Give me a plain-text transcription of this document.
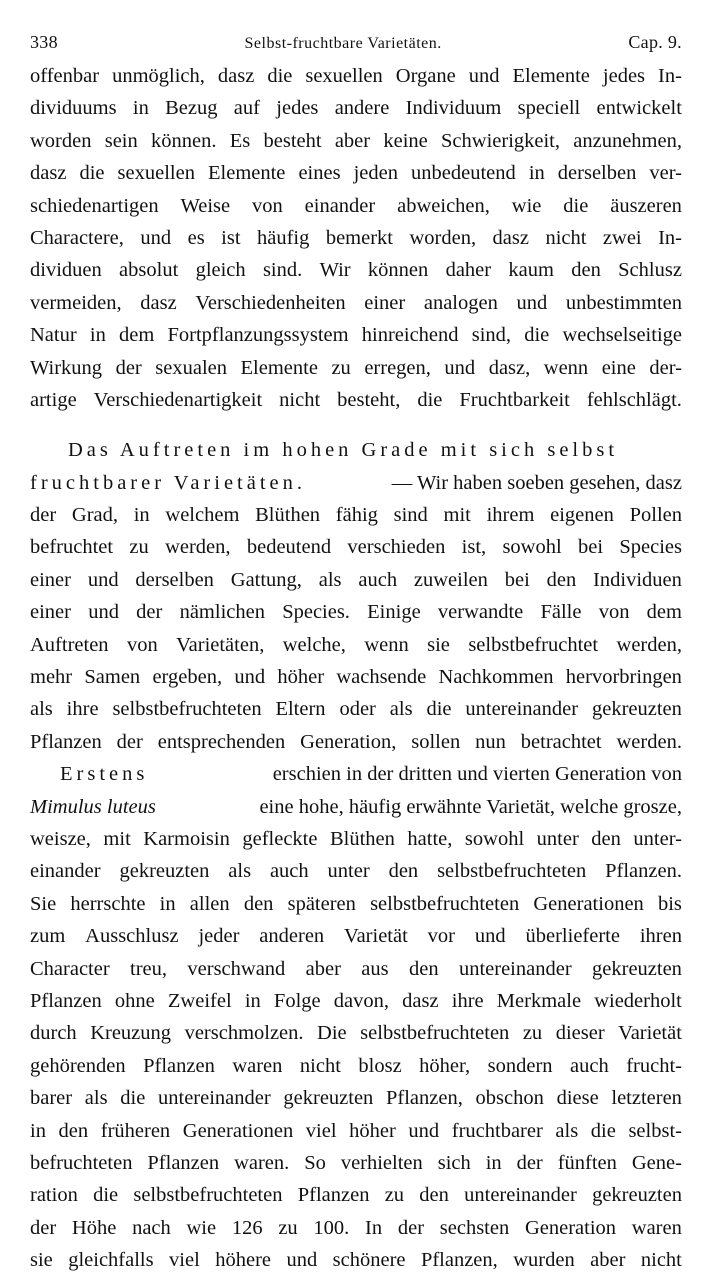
338	Selbst-fruchtbare Varietäten.	Cap. 9.
offenbar unmöglich, dasz die sexuellen Organe und Elemente jedes In-
dividuums in Bezug auf jedes andere Individuum speciell entwickelt
worden sein können. Es besteht aber keine Schwierigkeit, anzunehmen,
dasz die sexuellen Elemente eines jeden unbedeutend in derselben ver-
schiedenartigen Weise von einander abweichen, wie die äuszeren
Charactere, und es ist häufig bemerkt worden, dasz nicht zwei In-
dividuen absolut gleich sind. Wir können daher kaum den Schlusz
vermeiden, dasz Verschiedenheiten einer analogen und unbestimmten
Natur in dem Fortpflanzungssystem hinreichend sind, die wechselseitige
Wirkung der sexualen Elemente zu erregen, und dasz, wenn eine der-
artige Verschiedenartigkeit nicht besteht, die Fruchtbarkeit fehlschlägt.
Das Auftreten im hohen Grade mit sich selbst
fruchtbarer Varietäten.	— Wir haben soeben gesehen, dasz
der Grad, in welchem Blüthen fähig sind mit ihrem eigenen Pollen
befruchtet zu werden, bedeutend verschieden ist, sowohl bei Species
einer und derselben Gattung, als auch zuweilen bei den Individuen
einer und der nämlichen Species. Einige verwandte Fälle von dem
Auftreten von Varietäten, welche, wenn sie selbstbefruchtet werden,
mehr Samen ergeben, und höher wachsende Nachkommen hervorbringen
als ihre selbstbefruchteten Eltern oder als die untereinander gekreuzten
Pflanzen der entsprechenden Generation, sollen nun betrachtet werden.
Erstens	erschien in der dritten und vierten Generation von
Mimulus luteus	eine hohe, häufig erwähnte Varietät, welche grosze,
weisze, mit Karmoisin gefleckte Blüthen hatte, sowohl unter den unter-
einander gekreuzten als auch unter den selbstbefruchteten Pflanzen.
Sie herrschte in allen den späteren selbstbefruchteten Generationen bis
zum Ausschlusz jeder anderen Varietät vor und überlieferte ihren
Character treu, verschwand aber aus den untereinander gekreuzten
Pflanzen ohne Zweifel in Folge davon, dasz ihre Merkmale wiederholt
durch Kreuzung verschmolzen. Die selbstbefruchteten zu dieser Varietät
gehörenden Pflanzen waren nicht blosz höher, sondern auch frucht-
barer als die untereinander gekreuzten Pflanzen, obschon diese letzteren
in den früheren Generationen viel höher und fruchtbarer als die selbst-
befruchteten Pflanzen waren. So verhielten sich in der fünften Gene-
ration die selbstbefruchteten Pflanzen zu den untereinander gekreuzten
der Höhe nach wie 126 zu 100. In der sechsten Generation waren
sie gleichfalls viel höhere und schönere Pflanzen, wurden aber nicht
